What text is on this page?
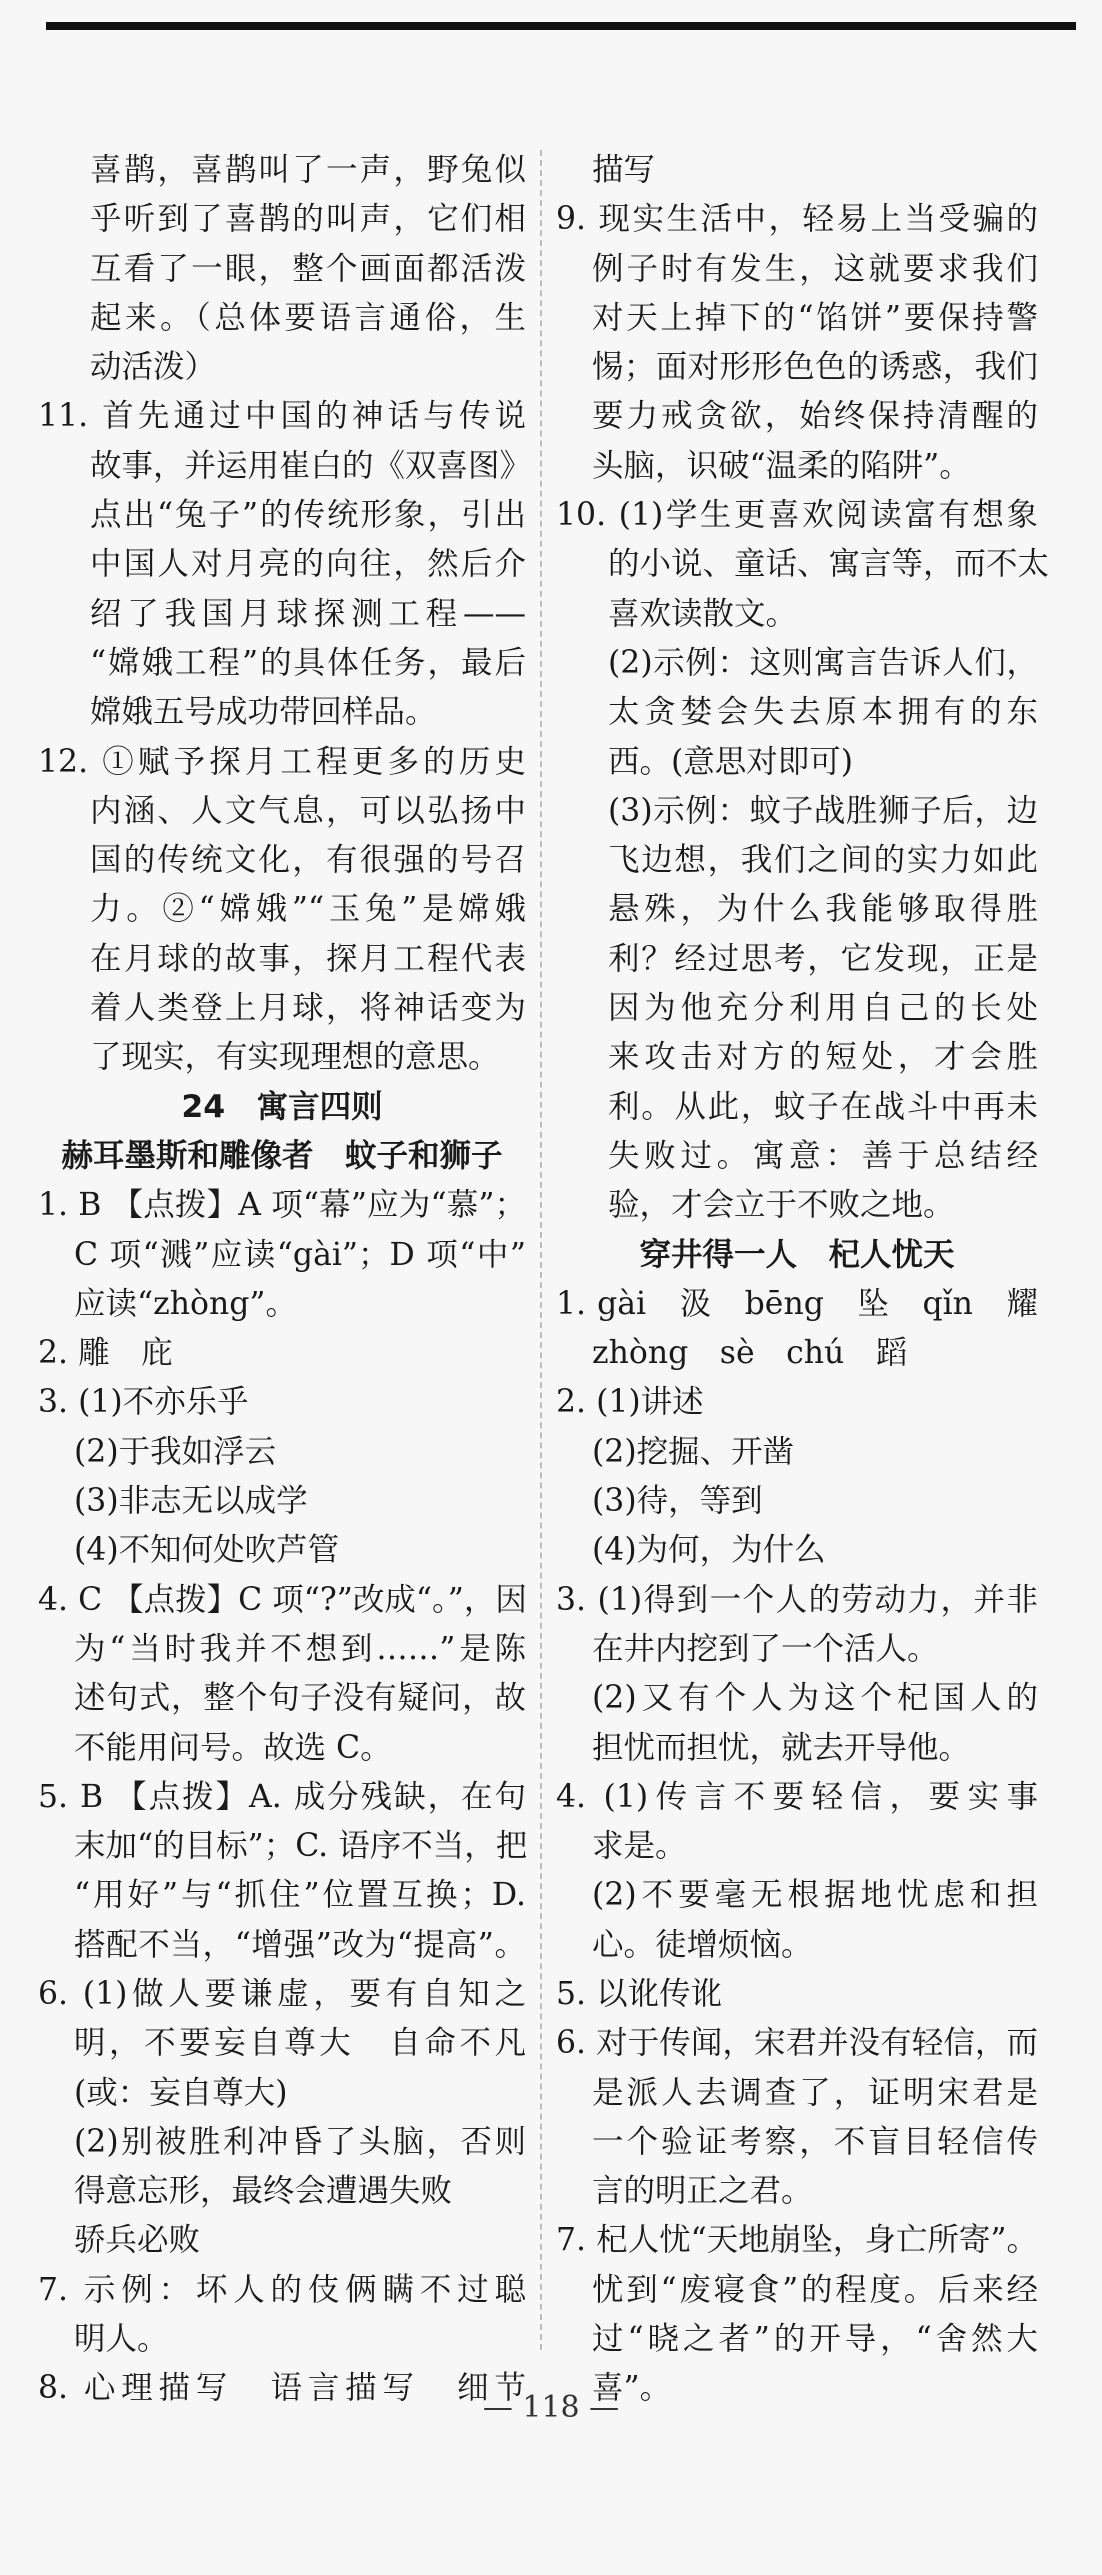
喜鹊，喜鹊叫了一声，野兔似
乎听到了喜鹊的叫声，它们相
互看了一眼，整个画面都活泼
起来。（总体要语言通俗，生
动活泼）
11. 首先通过中国的神话与传说
故事，并运用崔白的《双喜图》
点出“兔子”的传统形象，引出
中国人对月亮的向往，然后介
绍了我国月球探测工程——
“嫦娥工程”的具体任务，最后
嫦娥五号成功带回样品。
12. ①赋予探月工程更多的历史
内涵、人文气息，可以弘扬中
国的传统文化，有很强的号召
力。②“嫦娥”“玉兔”是嫦娥
在月球的故事，探月工程代表
着人类登上月球，将神话变为
了现实，有实现理想的意思。
24　寓言四则
赫耳墨斯和雕像者　蚊子和狮子
1. B 【点拨】A 项“幕”应为“慕”；
C 项“溅”应读“gài”；D 项“中”
应读“zhòng”。
2. 雕　庇
3. (1)不亦乐乎
(2)于我如浮云
(3)非志无以成学
(4)不知何处吹芦管
4. C 【点拨】C 项“?”改成“。”，因
为“当时我并不想到……”是陈
述句式，整个句子没有疑问，故
不能用问号。故选 C。
5. B 【点拨】A. 成分残缺，在句
末加“的目标”；C. 语序不当，把
“用好”与“抓住”位置互换；D.
搭配不当，“增强”改为“提高”。
6. (1)做人要谦虚，要有自知之
明，不要妄自尊大　自命不凡
(或：妄自尊大)
(2)别被胜利冲昏了头脑，否则
得意忘形，最终会遭遇失败
骄兵必败
7. 示例：坏人的伎俩瞒不过聪
明人。
8. 心理描写　语言描写　细节
描写
9. 现实生活中，轻易上当受骗的
例子时有发生，这就要求我们
对天上掉下的“馅饼”要保持警
惕；面对形形色色的诱惑，我们
要力戒贪欲，始终保持清醒的
头脑，识破“温柔的陷阱”。
10. (1)学生更喜欢阅读富有想象
的小说、童话、寓言等，而不太
喜欢读散文。
(2)示例：这则寓言告诉人们，
太贪婪会失去原本拥有的东
西。(意思对即可)
(3)示例：蚊子战胜狮子后，边
飞边想，我们之间的实力如此
悬殊，为什么我能够取得胜
利？经过思考，它发现，正是
因为他充分利用自己的长处
来攻击对方的短处，才会胜
利。从此，蚊子在战斗中再未
失败过。寓意：善于总结经
验，才会立于不败之地。
穿井得一人　杞人忧天
1. gài　汲　bēng　坠　qǐn　耀
zhòng　sè　chú　蹈
2. (1)讲述
(2)挖掘、开凿
(3)待，等到
(4)为何，为什么
3. (1)得到一个人的劳动力，并非
在井内挖到了一个活人。
(2)又有个人为这个杞国人的
担忧而担忧，就去开导他。
4. (1)传言不要轻信，要实事
求是。
(2)不要毫无根据地忧虑和担
心。徒增烦恼。
5. 以讹传讹
6. 对于传闻，宋君并没有轻信，而
是派人去调查了，证明宋君是
一个验证考察，不盲目轻信传
言的明正之君。
7. 杞人忧“天地崩坠，身亡所寄”。
忧到“废寝食”的程度。后来经
过“晓之者”的开导，“舍然大
喜”。
— 118 —
